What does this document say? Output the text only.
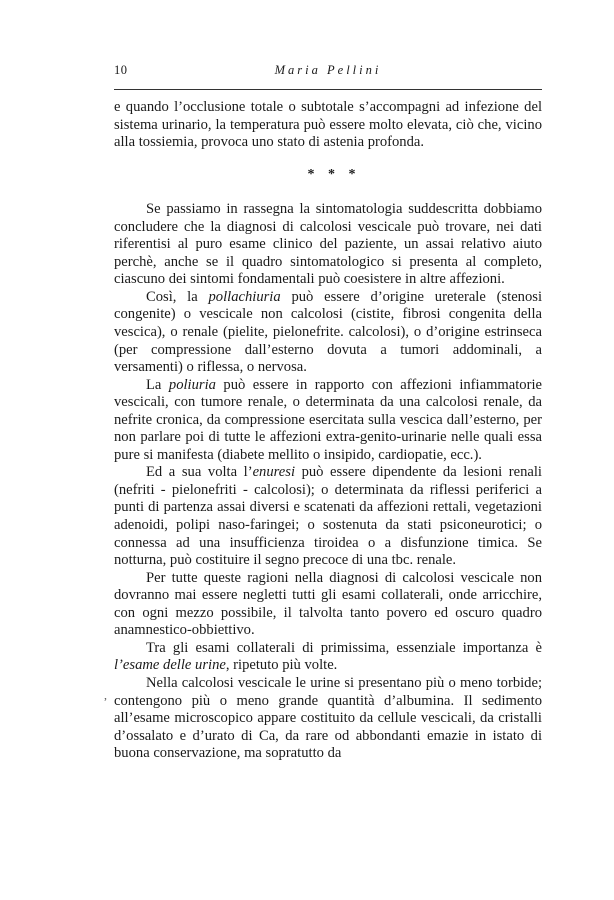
10	Maria Pellini

e quando l’occlusione totale o subtotale s’accompagni ad infezione del sistema urinario, la temperatura può essere molto elevata, ciò che, vicino alla tossiemia, provoca uno stato di astenia profonda.

* * *

Se passiamo in rassegna la sintomatologia suddescritta dobbiamo concludere che la diagnosi di calcolosi vescicale può trovare, nei dati riferentisi al puro esame clinico del paziente, un assai relativo aiuto perchè, anche se il quadro sintomatologico si presenta al completo, ciascuno dei sintomi fondamentali può coesistere in altre affezioni.

Così, la pollachiuria può essere d’origine ureterale (stenosi congenite) o vescicale non calcolosi (cistite, fibrosi congenita della vescica), o renale (pielite, pielonefrite. calcolosi), o d’origine estrinseca (per compressione dall’esterno dovuta a tumori addominali, a versamenti) o riflessa, o nervosa.

La poliuria può essere in rapporto con affezioni infiammatorie vescicali, con tumore renale, o determinata da una calcolosi renale, da nefrite cronica, da compressione esercitata sulla vescica dall’esterno, per non parlare poi di tutte le affezioni extra-genito-urinarie nelle quali essa pure si manifesta (diabete mellito o insipido, cardiopatie, ecc.).

Ed a sua volta l’enuresi può essere dipendente da lesioni renali (nefriti - pielonefriti - calcolosi); o determinata da riflessi periferici a punti di partenza assai diversi e scatenati da affezioni rettali, vegetazioni adenoidi, polipi naso-faringei; o sostenuta da stati psiconeurotici; o connessa ad una insufficienza tiroidea o a disfunzione timica. Se notturna, può costituire il segno precoce di una tbc. renale.

Per tutte queste ragioni nella diagnosi di calcolosi vescicale non dovranno mai essere negletti tutti gli esami collaterali, onde arricchire, con ogni mezzo possibile, il talvolta tanto povero ed oscuro quadro anamnestico-obbiettivo.

Tra gli esami collaterali di primissima, essenziale importanza è l’esame delle urine, ripetuto più volte.

Nella calcolosi vescicale le urine si presentano più o meno torbide; contengono più o meno grande quantità d’albumina. Il sedimento all’esame microscopico appare costituito da cellule vescicali, da cristalli d’ossalato e d’urato di Ca, da rare od abbondanti emazie in istato di buona conservazione, ma sopratutto da

,
